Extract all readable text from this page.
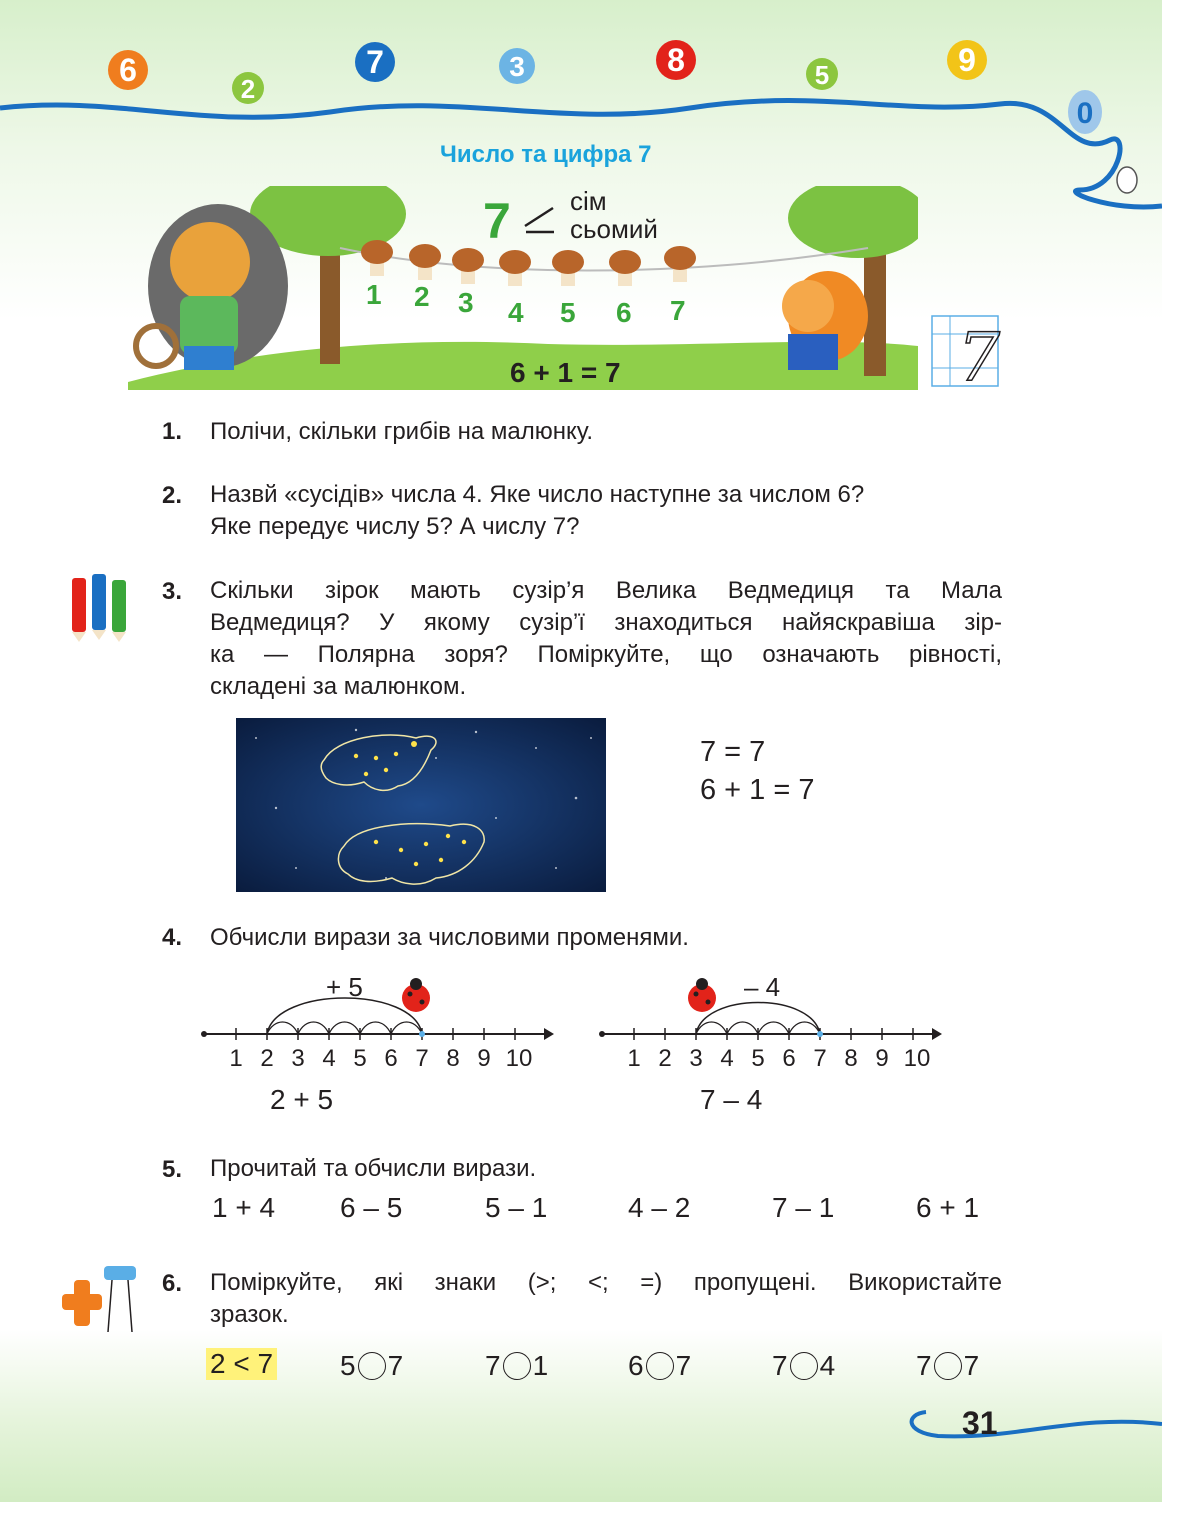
6
2
7	3	8	5	9
0
Число та цифра 7
7 сім
сьомий
1 2 3 4 5 6 7
6 + 1 = 7	7
1. Полічи, скільки грибів на малюнку.
2. Назвй «сусідів» числа 4. Яке число наступне за числом 6?
Яке передує числу 5? А числу 7?
3. Скільки зірок мають сузір’я Велика Ведмедиця та Мала
Ведмедиця? У якому сузір’ї знаходиться найяскравіша зір-
ка — Полярна зоря? Поміркуйте, що означають рівності,
складені за малюнком.
7 = 7
6 + 1 = 7
4. Обчисли вирази за числовими променями.
+ 5
1 2 3 4 5 6 7 8 9 10
– 4
1 2 3 4 5 6 7 8 9 10
2 + 5	7 – 4
5. Прочитай та обчисли вирази.
1 + 4 6 – 5	5 – 1	4 – 2	7 – 1	6 + 1
6. Поміркуйте, які знаки (>; <; =) пропущені. Використайте
зразок.
2 < 7 5 7	7 1	6 7	7 4	7 7
31
